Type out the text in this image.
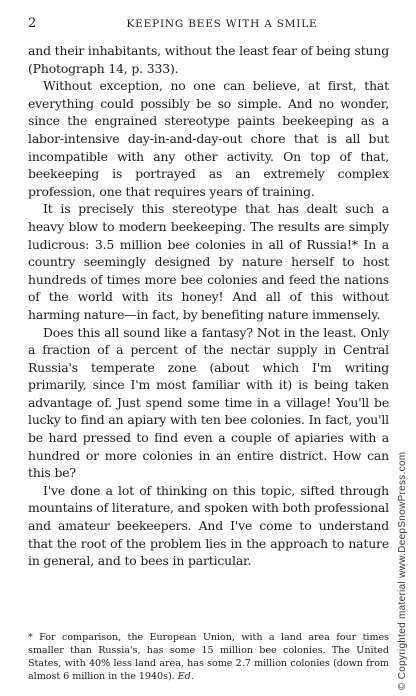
2	KEEPING BEES WITH A SMILE

and their inhabitants, without the least fear of being stung (Photograph 14, p. 333).

Without exception, no one can believe, at first, that everything could possibly be so simple. And no wonder, since the engrained stereotype paints beekeeping as a labor-intensive day-in-and-day-out chore that is all but incompatible with any other activity. On top of that, beekeeping is portrayed as an extremely complex profession, one that requires years of training.

It is precisely this stereotype that has dealt such a heavy blow to modern beekeeping. The results are simply ludicrous: 3.5 million bee colonies in all of Russia!* In a country seemingly designed by nature herself to host hundreds of times more bee colonies and feed the nations of the world with its honey! And all of this without harming nature—in fact, by benefiting nature immensely.

Does this all sound like a fantasy? Not in the least. Only a fraction of a percent of the nectar supply in Central Russia's temperate zone (about which I'm writing primarily, since I'm most familiar with it) is being taken advantage of. Just spend some time in a village! You'll be lucky to find an apiary with ten bee colonies. In fact, you'll be hard pressed to find even a couple of apiaries with a hundred or more colonies in an entire district. How can this be?

I've done a lot of thinking on this topic, sifted through mountains of literature, and spoken with both professional and amateur beekeepers. And I've come to understand that the root of the problem lies in the approach to nature in general, and to bees in particular.

* For comparison, the European Union, with a land area four times smaller than Russia's, has some 15 million bee colonies. The United States, with 40% less land area, has some 2.7 million colonies (down from almost 6 million in the 1940s). Ed.	© Copyrighted material www.DeepSnowPress.com
